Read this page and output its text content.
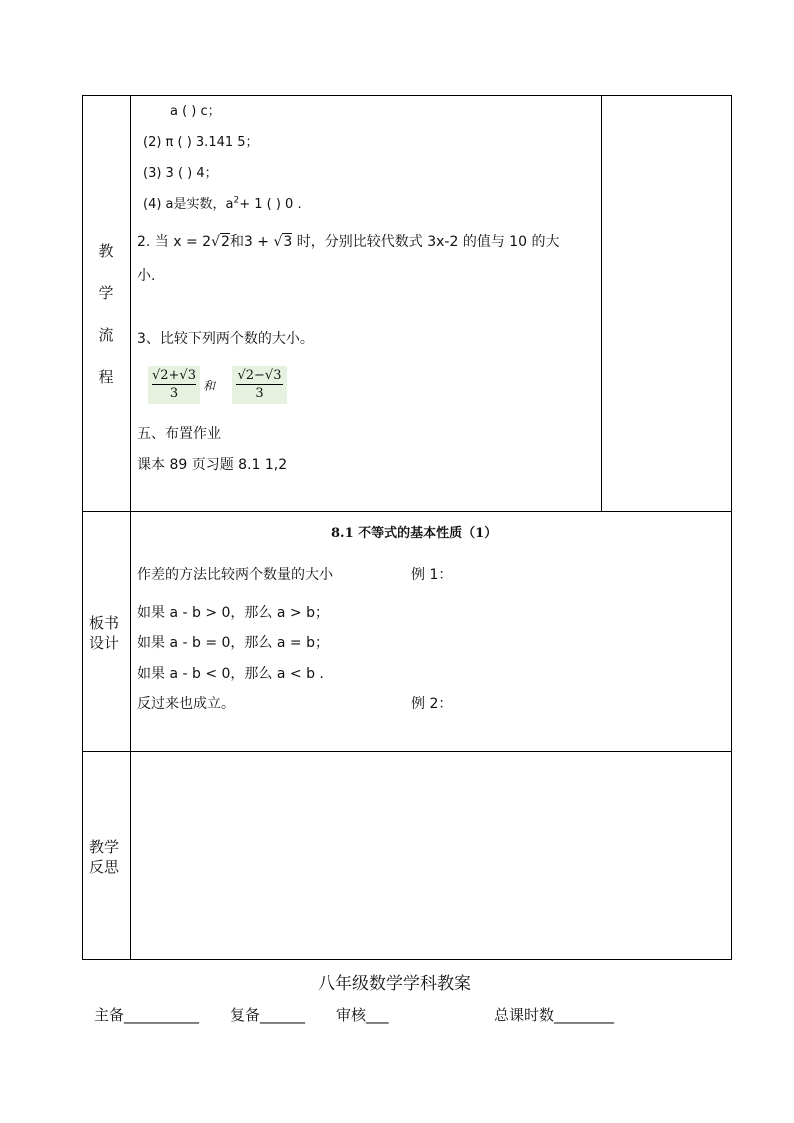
教
学
流
程
a ( ) c；
(2) π ( ) 3.141 5；
(3) 3 ( ) 4；
(4) a是实数，$a^2+ 1$ ( ) 0 .
2. 当 x = 2√2和3 + √3 时，分别比较代数式 3x-2 的值与 10 的大
小.
3、比较下列两个数的大小。
√2+√3
3	和
√2−√3
3
五、布置作业
课本 89 页习题 8.1 1,2
板书
设计
8.1 不等式的基本性质（1）
作差的方法比较两个数量的大小	例 1：
如果 a - b > 0，那么 a > b；
如果 a - b = 0，那么 a = b；
如果 a - b < 0，那么 a < b .
反过来也成立。	例 2：
教学
反思
八年级数学学科教案
主备__________ 复备______ 审核___	总课时数________
